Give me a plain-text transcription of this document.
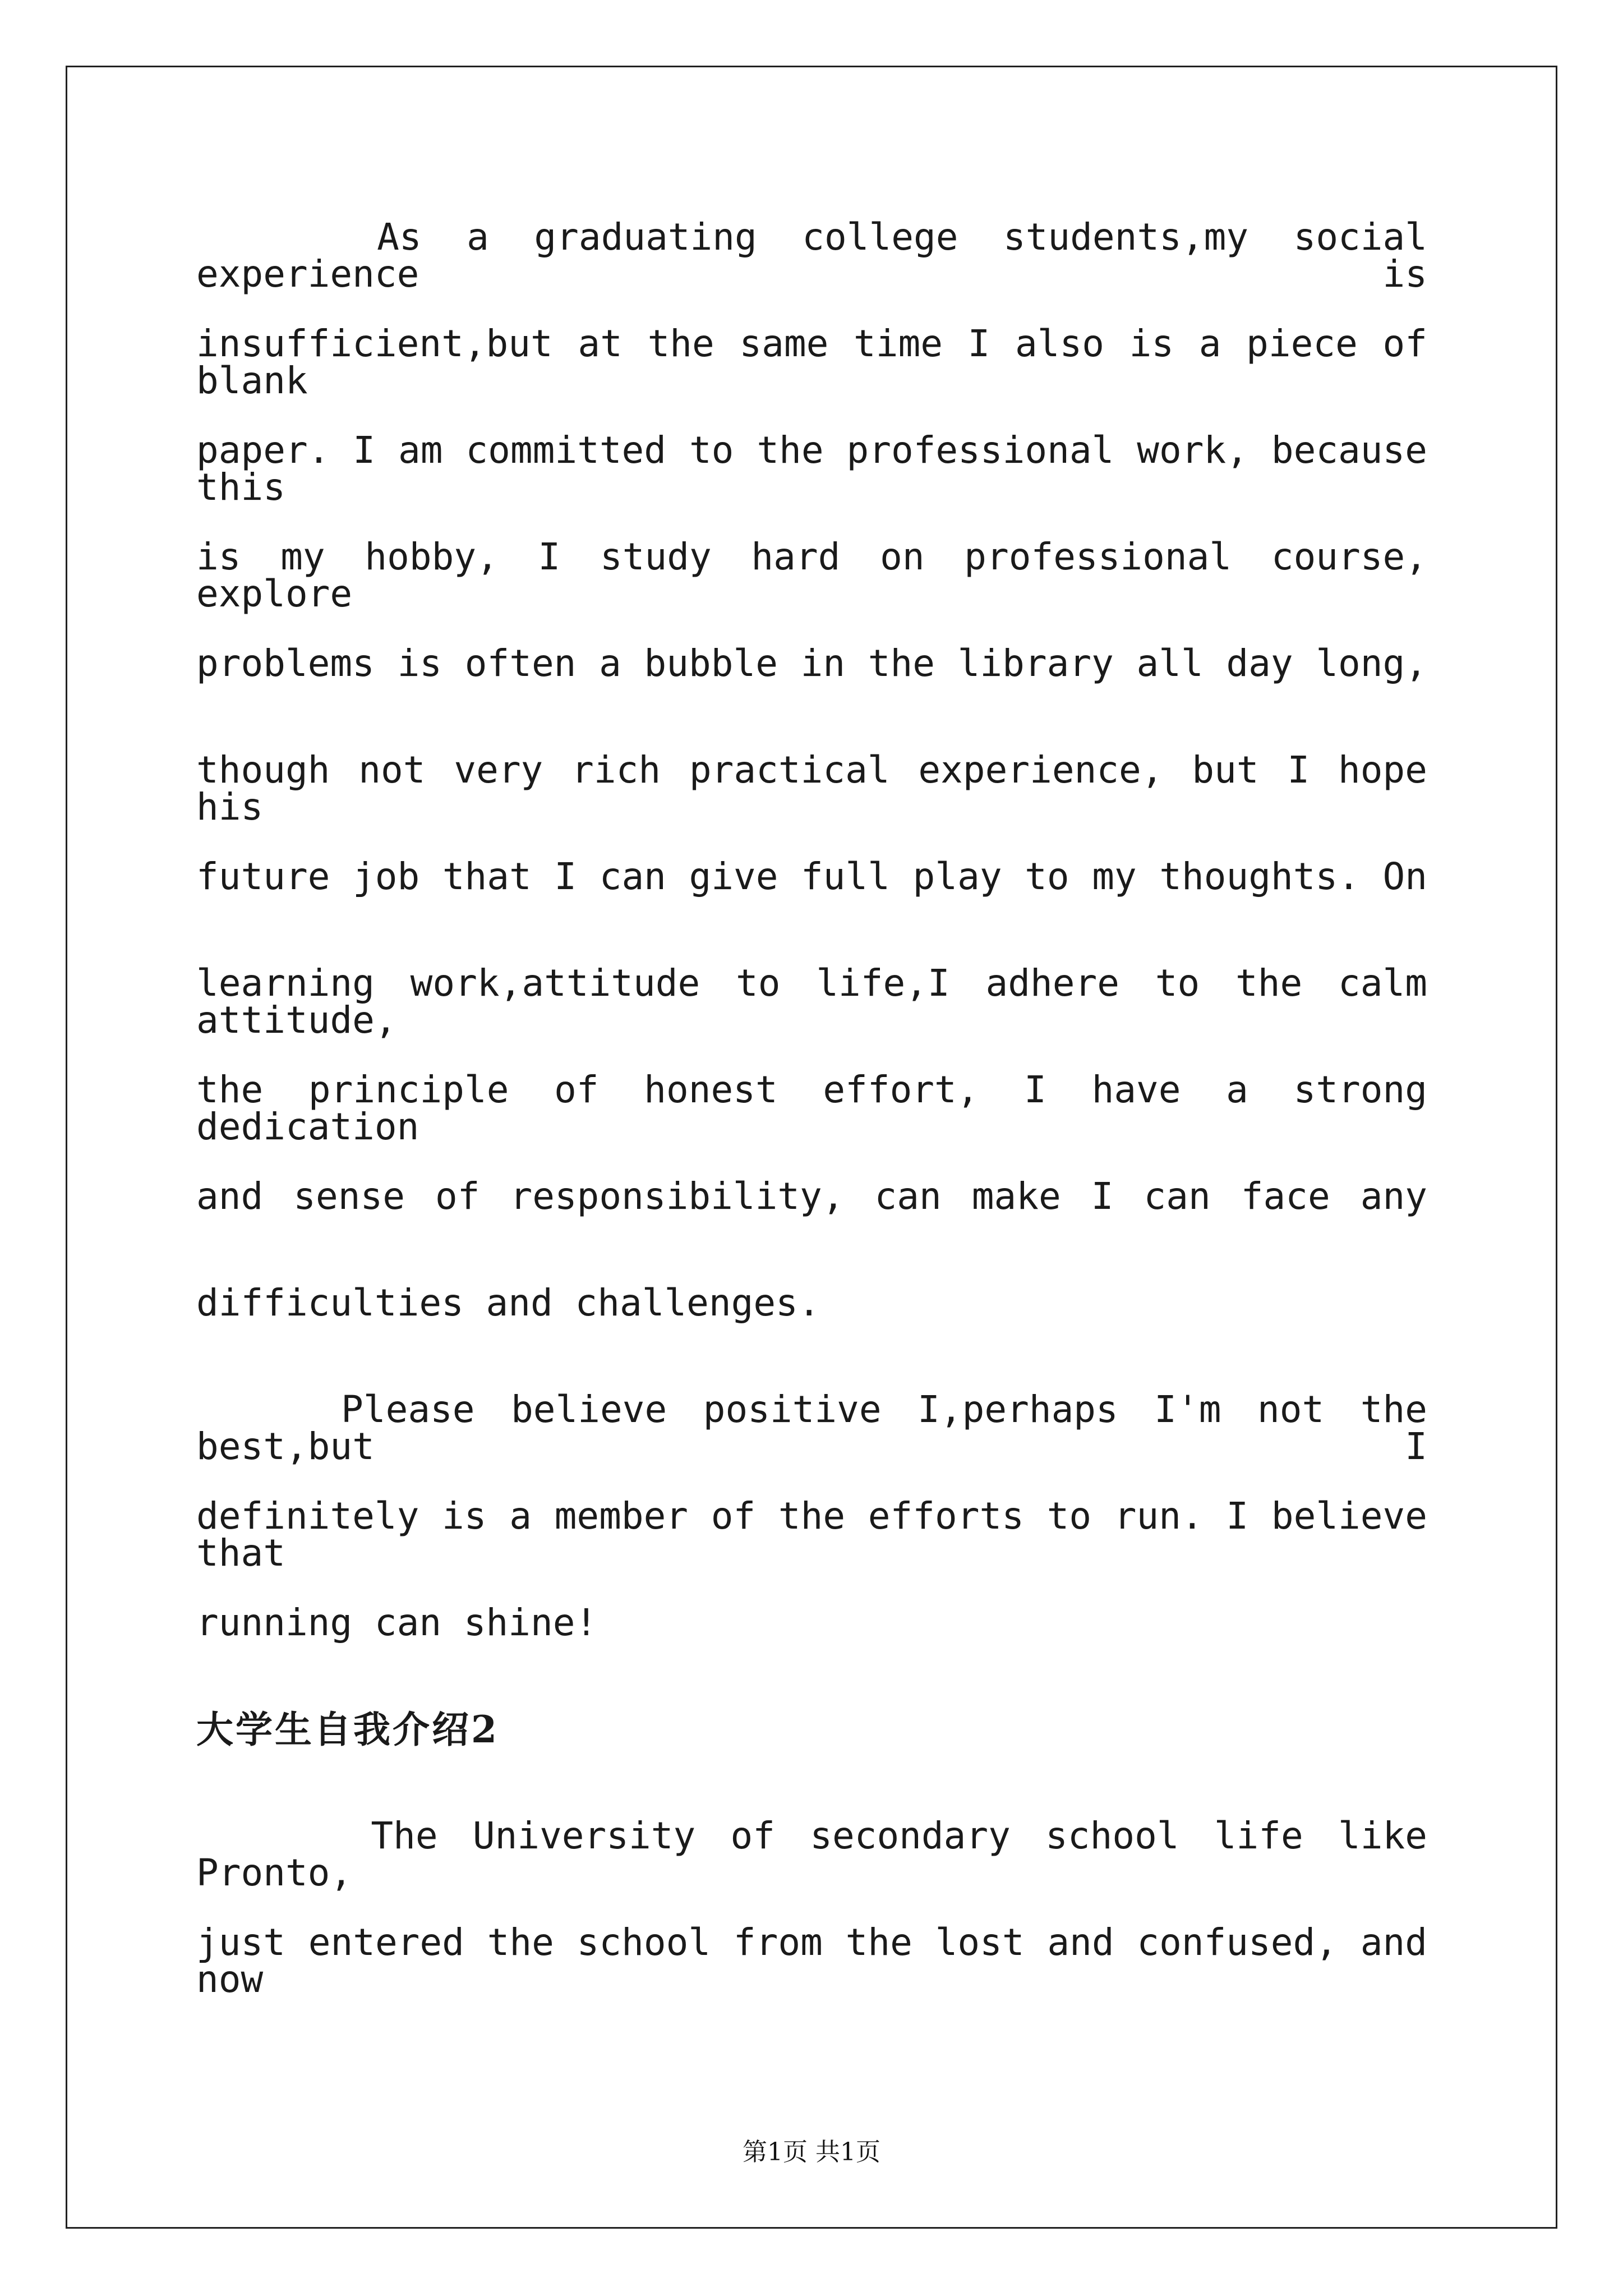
As a graduating college students,my social experience is

insufficient,but at the same time I also is a piece of blank

paper. I am committed to the professional work, because this

is my hobby, I study hard on professional course, explore

problems is often a bubble in the library all day long,

though not very rich practical experience, but I hope his

future job that I can give full play to my thoughts. On

learning work,attitude to life,I adhere to the calm attitude,

the principle of honest effort, I have a strong dedication

and sense of responsibility, can make I can face any

difficulties and challenges.

Please believe positive I,perhaps I'm not the best,but I

definitely is a member of the efforts to run. I believe that

running can shine!

大学生自我介绍2

The University of secondary school life like Pronto,

just entered the school from the lost and confused, and now

第1页 共1页
